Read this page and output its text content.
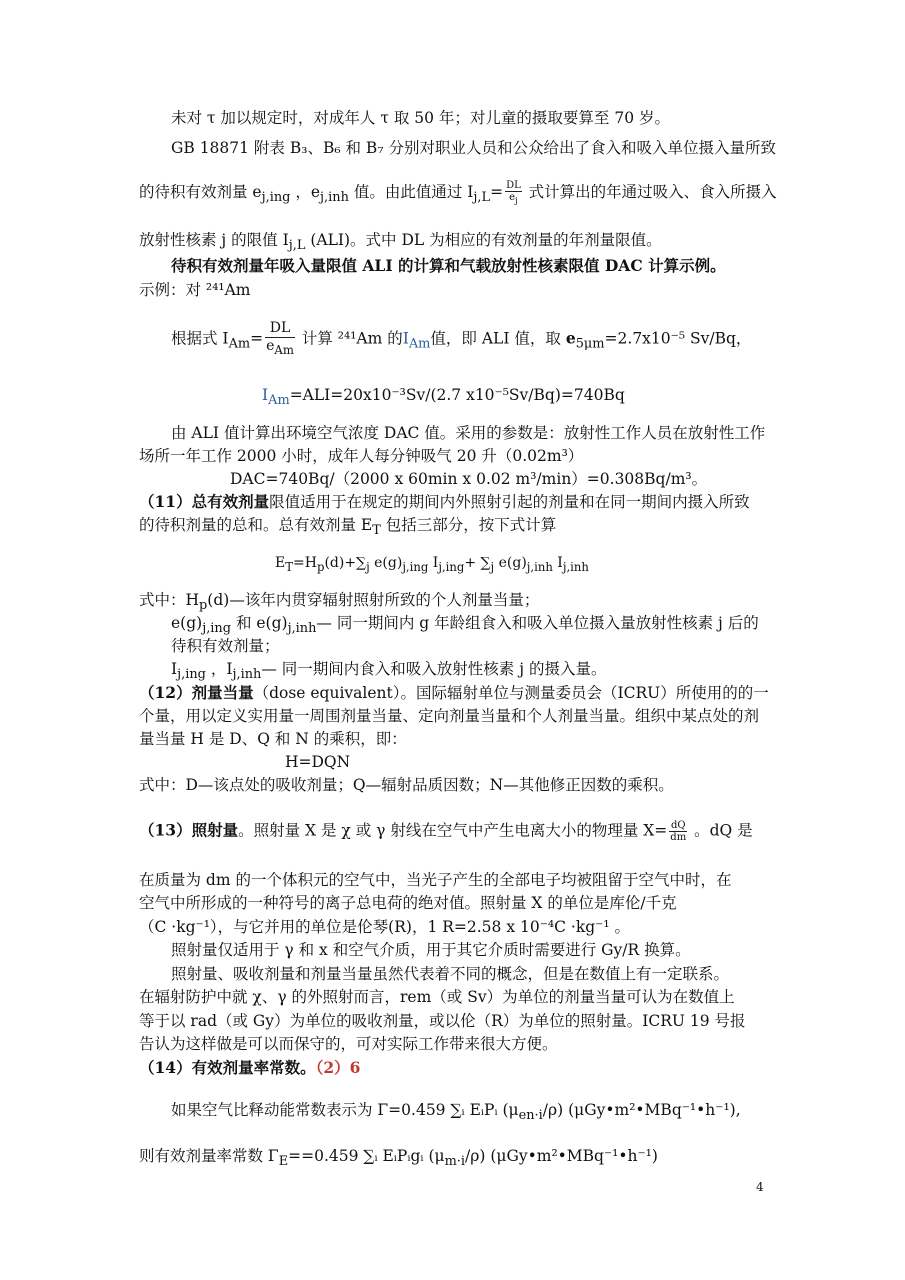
未对 τ 加以规定时，对成年人 τ 取 50 年；对儿童的摄取要算至 70 岁。
GB 18871 附表 B₃、B₆ 和 B₇ 分别对职业人员和公众给出了食入和吸入单位摄入量所致
的待积有效剂量 $e_{j,ing}$ ，$e_{j,inh}$ 值。由此值通过 $I_{j,L}= \frac{DL}{e_j}$ 式计算出的年通过吸入、食入所摄入
放射性核素 j 的限值 $I_{j,L}$ (ALI)。式中 DL 为相应的有效剂量的年剂量限值。
待积有效剂量年吸入量限值 ALI 的计算和气载放射性核素限值 DAC 计算示例。
示例：对 ²⁴¹Am
根据式 $I_{Am}= \frac{DL}{e_{Am}}$ 计算 ²⁴¹Am 的$I_{Am}$值，即 ALI 值，取 $e_{5\mu m}=2.7x10^{-5}$ Sv/Bq，
$I_{Am}=ALI=20x10^{-3}Sv/(2.7$ x10⁻⁵Sv/Bq)=740Bq
由 ALI 值计算出环境空气浓度 DAC 值。采用的参数是：放射性工作人员在放射性工作
场所一年工作 2000 小时，成年人每分钟吸气 20 升（0.02m³）
DAC=740Bq/（2000 x 60min x 0.02 m³/min）=0.308Bq/m³。
（11）总有效剂量限值适用于在规定的期间内外照射引起的剂量和在同一期间内摄入所致
的待积剂量的总和。总有效剂量 $E_T$ 包括三部分，按下式计算
$E_T=H_p(d)+\sum_j$ $e(g)_{j,ing}$ $I_{j,ing}+ \sum_j$ $e(g)_{j,inh}$ $I_{j,inh}$
式中：$H_p(d)—$该年内贯穿辐射照射所致的个人剂量当量；
$e(g)_{j,ing}$ 和 $e(g)_{j,inh}—$ 同一期间内 g 年龄组食入和吸入单位摄入量放射性核素 j 后的
待积有效剂量；
$I_{j,ing}$ ，$I_{j,inh}—$ 同一期间内食入和吸入放射性核素 j 的摄入量。
（12）剂量当量（dose equivalent）。国际辐射单位与测量委员会（ICRU）所使用的的一
个量，用以定义实用量一周围剂量当量、定向剂量当量和个人剂量当量。组织中某点处的剂
量当量 H 是 D、Q 和 N 的乘积，即：
H=DQN
式中：D—该点处的吸收剂量；Q—辐射品质因数；N—其他修正因数的乘积。
（13）照射量。照射量 X 是 χ 或 γ 射线在空气中产生电离大小的物理量 $X= \frac{dQ}{dm}$ 。dQ 是
在质量为 dm 的一个体积元的空气中，当光子产生的全部电子均被阻留于空气中时，在
空气中所形成的一种符号的离子总电荷的绝对值。照射量 X 的单位是库伦/千克
（C ·kg⁻¹），与它并用的单位是伦琴(R)，1 R=2.58 x 10⁻⁴C ·kg⁻¹ 。
照射量仅适用于 γ 和 x 和空气介质，用于其它介质时需要进行 Gy/R 换算。
照射量、吸收剂量和剂量当量虽然代表着不同的概念，但是在数值上有一定联系。
在辐射防护中就 χ、γ 的外照射而言，rem（或 Sv）为单位的剂量当量可认为在数值上
等于以 rad（或 Gy）为单位的吸收剂量，或以伦（R）为单位的照射量。ICRU 19 号报
告认为这样做是可以而保守的，可对实际工作带来很大方便。
（14）有效剂量率常数。（2）6
如果空气比释动能常数表示为 Γ=0.459 ∑ᵢ EᵢPᵢ $(\mu_{en\cdot i}/\rho)$ (μGy•m²•MBq⁻¹•h⁻¹),
则有效剂量率常数 $\Gamma_E==0.459$ ∑ᵢ EᵢPᵢgᵢ $(\mu_{m\cdot i}/\rho)$ (μGy•m²•MBq⁻¹•h⁻¹)
4
